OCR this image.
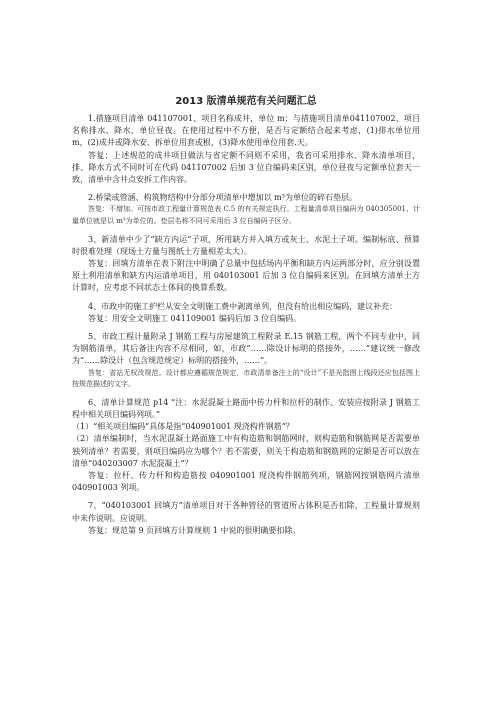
2013 版清单规范有关问题汇总

1.措施项目清单 041107001、项目名称成井，单位 m；与措施项目清单041107002、项目名称排水、降水，单位昼夜。在使用过程中不方便，是否与定额结合起来考虑，(1)排水单位用 m，(2)成井或降水安、拆单位用套或根，(3)降水使用单位用套.天。

答复：上述规范的成井项目做法与省定额不同则不采用，我省可采用排水、降水清单项目，排、降水方式不同时可在代码 041107002 后加 3 位自编码来区别，单位昼夜与定额单位套天一致，清单中含井点安拆工作内容。

2.桥梁或管涵、构筑物结构中分部分项清单中增加以 m³为单位的碎石垫层。

答复：不增加。可按市政工程量计算规范表 C.5 的有关规定执行。工程量清单项目编码为 040305001、计量单位就是以 m³为单位的。垫层名称不同可采用后 3 位自编码子区分。

3、新清单中少了“缺方内运”子项，所用缺方并入填方或灰土、水泥土子项。编制标底、预算时很难处理（现场土方量与图纸土方量相差太大）。

答复：回填方清单在表下附注中明确了总量中包括场内平衡和缺方内运两部分时，应分别设置原土利用清单和缺方内运清单项目，用 040103001 后加 3 位自编码来区别。在回填方清单土方计算时，应考虑不同状态土体间的换算系数。

4、市政中的施工护栏从安全文明施工费中剥离单列，但没有给出相应编码，建议补充：

答复：用安全文明施工 041109001 编码后加 3 位自编码。

5、市政工程计量附录 J 钢筋工程与房屋建筑工程附录 E.15 钢筋工程，两个不同专业中，同为钢筋清单，其后备注内容不尽相同，如，市政“……除设计标明的搭接外，……”建议统一修改为“……除设计（包含规范规定）标明的搭接外，……”。

答复：省站无权改规范。设计都应遵循规范规定，市政清单备注上的“设计”不是光指图上线段还应包括图上按规范描述的文字。

6、清单计算规范 p14 “注：水泥混凝土路面中传力杆和拉杆的制作、安装应按附录 J 钢筋工程中相关项目编码列项。”

（1）“相关项目编码”具体是指“040901001 现浇构件钢筋”？

（2）清单编制时，当水泥混凝土路面施工中有构造筋和钢筋网时，则构造筋和钢筋网是否需要单独列清单？若需要，则项目编码应为哪个？若不需要，则关于构造筋和钢筋网的定额是否可以放在清单“040203007 水泥混凝土”？

答复：拉杆、传力杆和构造筋按 040901001 现浇构件钢筋列项，钢筋网按钢筋网片清单 040901003 列项。

7、“040103001 回填方”清单项目对于各种管径的管道所占体积是否扣除，工程量计算规则中未作说明。应说明。

答复：规范第 9 页回填方计算规则 1 中说的很明确要扣除。
